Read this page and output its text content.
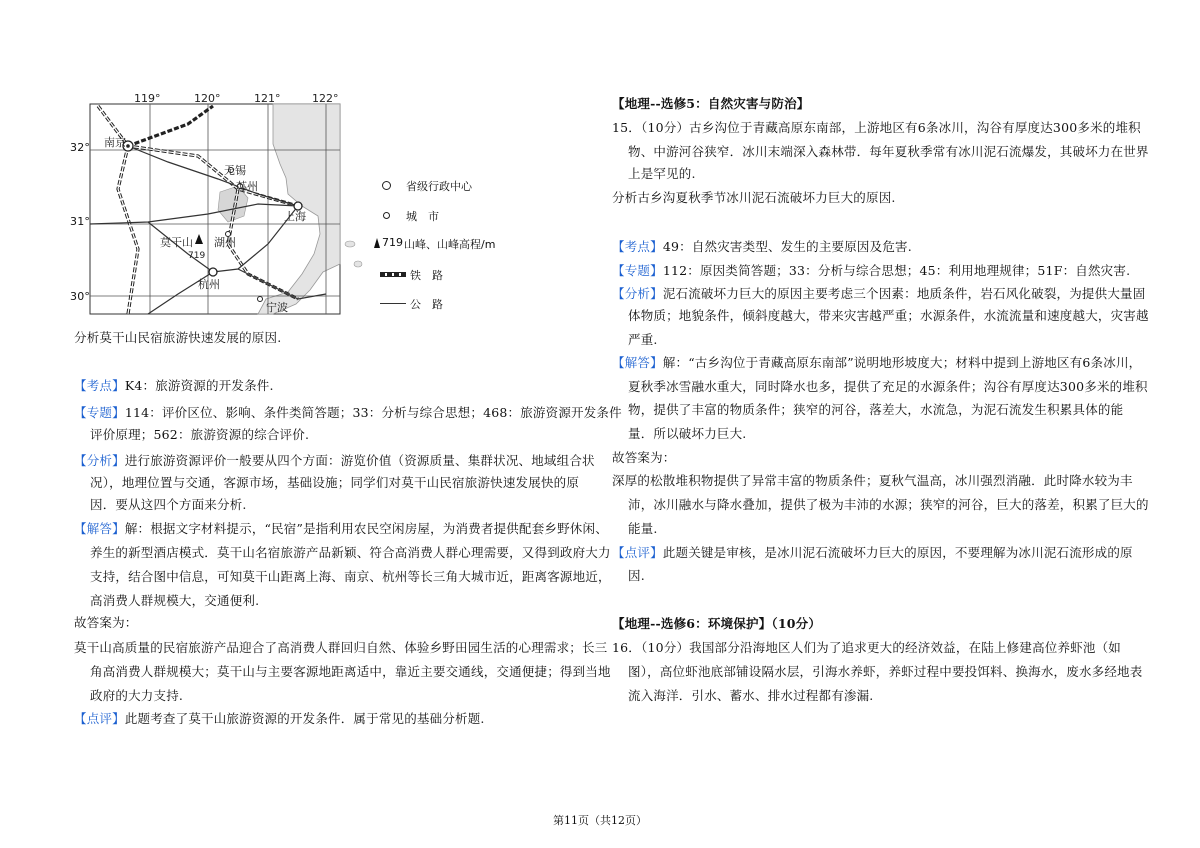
119°	120°	121°	122°
南京
无锡
苏州
上海
湖州
杭州
宁波
莫干山
719
32°
31°
30°
省级行政中心
城　市
719 山峰、山峰高程/m
铁　路
公　路
分析莫干山民宿旅游快速发展的原因.
【考点】K4：旅游资源的开发条件.
【专题】114：评价区位、影响、条件类简答题；33：分析与综合思想；468：旅游资源开发条件
评价原理；562：旅游资源的综合评价.
【分析】进行旅游资源评价一般要从四个方面：游览价值（资源质量、集群状况、地域组合状
况），地理位置与交通，客源市场，基础设施；同学们对莫干山民宿旅游快速发展快的原
因．要从这四个方面来分析.
【解答】解：根据文字材料提示，“民宿”是指利用农民空闲房屋，为消费者提供配套乡野休闲、
养生的新型酒店模式．莫干山名宿旅游产品新颖、符合高消费人群心理需要，又得到政府大力
支持，结合图中信息，可知莫干山距离上海、南京、杭州等长三角大城市近，距离客源地近，
高消费人群规模大，交通便利.
故答案为：
莫干山高质量的民宿旅游产品迎合了高消费人群回归自然、体验乡野田园生活的心理需求；长三
角高消费人群规模大；莫干山与主要客源地距离适中，靠近主要交通线，交通便捷；得到当地
政府的大力支持.
【点评】此题考查了莫干山旅游资源的开发条件．属于常见的基础分析题.
【地理--选修5：自然灾害与防治】
15．（10分）古乡沟位于青藏高原东南部，上游地区有6条冰川，沟谷有厚度达300多米的堆积
物、中游河谷狭窄．冰川末端深入森林带．每年夏秋季常有冰川泥石流爆发，其破坏力在世界
上是罕见的.
分析古乡沟夏秋季节冰川泥石流破坏力巨大的原因.
【考点】49：自然灾害类型、发生的主要原因及危害.
【专题】112：原因类简答题；33：分析与综合思想；45：利用地理规律；51F：自然灾害.
【分析】泥石流破坏力巨大的原因主要考虑三个因素：地质条件，岩石风化破裂，为提供大量固
体物质；地貌条件，倾斜度越大，带来灾害越严重；水源条件，水流流量和速度越大，灾害越
严重.
【解答】解：“古乡沟位于青藏高原东南部”说明地形坡度大；材料中提到上游地区有6条冰川，
夏秋季冰雪融水重大，同时降水也多，提供了充足的水源条件；沟谷有厚度达300多米的堆积
物，提供了丰富的物质条件；狭窄的河谷，落差大，水流急，为泥石流发生积累具体的能
量．所以破坏力巨大.
故答案为：
深厚的松散堆积物提供了异常丰富的物质条件；夏秋气温高，冰川强烈消融．此时降水较为丰
沛，冰川融水与降水叠加，提供了极为丰沛的水源；狭窄的河谷，巨大的落差，积累了巨大的
能量.
【点评】此题关键是审核，是冰川泥石流破坏力巨大的原因，不要理解为冰川泥石流形成的原
因.
【地理--选修6：环境保护】（10分）
16．（10分）我国部分沿海地区人们为了追求更大的经济效益，在陆上修建高位养虾池（如
图），高位虾池底部铺设隔水层，引海水养虾，养虾过程中要投饵料、换海水，废水多经地表
流入海洋．引水、蓄水、排水过程都有渗漏.
第11页（共12页）
